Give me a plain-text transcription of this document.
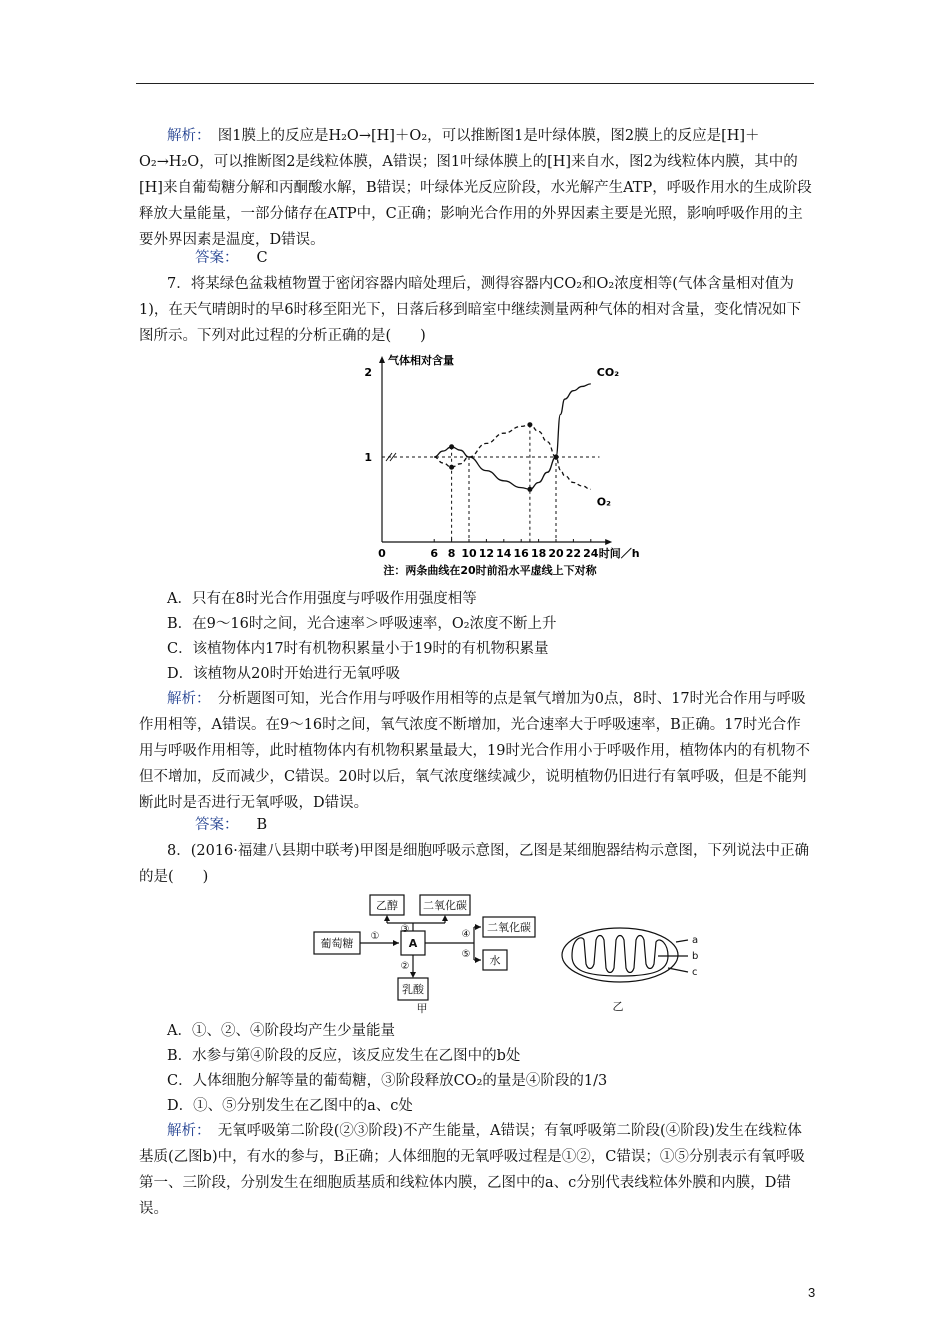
解析：　 图1膜上的反应是H₂O→[H]＋O₂，可以推断图1是叶绿体膜，图2膜上的反应是[H]＋O₂→H₂O，可以推断图2是线粒体膜，A错误；图1叶绿体膜上的[H]来自水，图2为线粒体内膜，其中的[H]来自葡萄糖分解和丙酮酸水解，B错误；叶绿体光反应阶段，水光解产生ATP，呼吸作用水的生成阶段释放大量能量，一部分储存在ATP中，C正确；影响光合作用的外界因素主要是光照，影响呼吸作用的主要外界因素是温度，D错误。

答案： C

7．将某绿色盆栽植物置于密闭容器内暗处理后，测得容器内CO₂和O₂浓度相等(气体含量相对值为1)，在天气晴朗时的早6时移至阳光下，日落后移到暗室中继续测量两种气体的相对含量，变化情况如下图所示。下列对此过程的分析正确的是(　　)

气体相对含量
1
2
0	6 8 10 12 14 16 18 20 22 24 时间／h
CO₂
O₂
注：两条曲线在20时前沿水平虚线上下对称

A．只有在8时光合作用强度与呼吸作用强度相等

B．在9～16时之间，光合速率＞呼吸速率，O₂浓度不断上升

C．该植物体内17时有机物积累量小于19时的有机物积累量

D．该植物从20时开始进行无氧呼吸

解析：　 分析题图可知，光合作用与呼吸作用相等的点是氧气增加为0点，8时、17时光合作用与呼吸作用相等，A错误。在9～16时之间，氧气浓度不断增加，光合速率大于呼吸速率，B正确。17时光合作用与呼吸作用相等，此时植物体内有机物积累量最大，19时光合作用小于呼吸作用，植物体内的有机物不但不增加，反而减少，C错误。20时以后，氧气浓度继续减少，说明植物仍旧进行有氧呼吸，但是不能判断此时是否进行无氧呼吸，D错误。

答案： B

8．(2016·福建八县期中联考)甲图是细胞呼吸示意图，乙图是某细胞器结构示意图，下列说法中正确的是(　　)

葡萄糖	A
乙醇 二氧化碳
二氧化碳
水
乳酸
①
②
③	④
⑤
甲
a
b
c
乙

A．①、②、④阶段均产生少量能量

B．水参与第④阶段的反应，该反应发生在乙图中的b处

C．人体细胞分解等量的葡萄糖，③阶段释放CO₂的量是④阶段的1/3

D．①、⑤分别发生在乙图中的a、c处

解析：　 无氧呼吸第二阶段(②③阶段)不产生能量，A错误；有氧呼吸第二阶段(④阶段)发生在线粒体基质(乙图b)中，有水的参与，B正确；人体细胞的无氧呼吸过程是①②，C错误；①⑤分别表示有氧呼吸第一、三阶段，分别发生在细胞质基质和线粒体内膜，乙图中的a、c分别代表线粒体外膜和内膜，D错误。

3
